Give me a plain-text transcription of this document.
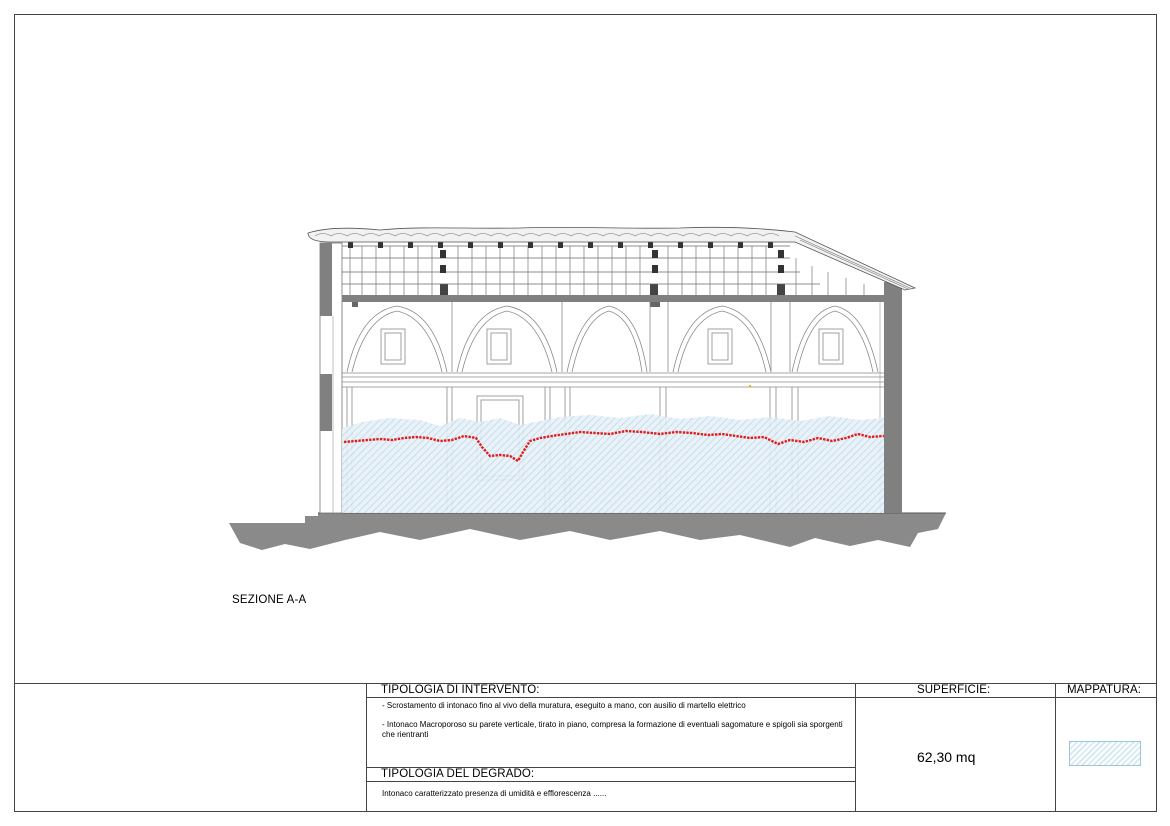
SEZIONE A-A
TIPOLOGIA DI INTERVENTO:
- Scrostamento di intonaco fino al vivo della muratura, eseguito a mano, con ausilio di martello elettrico
- Intonaco Macroporoso su parete verticale, tirato in piano, compresa la formazione di eventuali sagomature e spigoli sia sporgenti che rientranti
TIPOLOGIA DEL DEGRADO:
Intonaco caratterizzato presenza di umidità e efflorescenza ......
SUPERFICIE:
62,30 mq
MAPPATURA:
